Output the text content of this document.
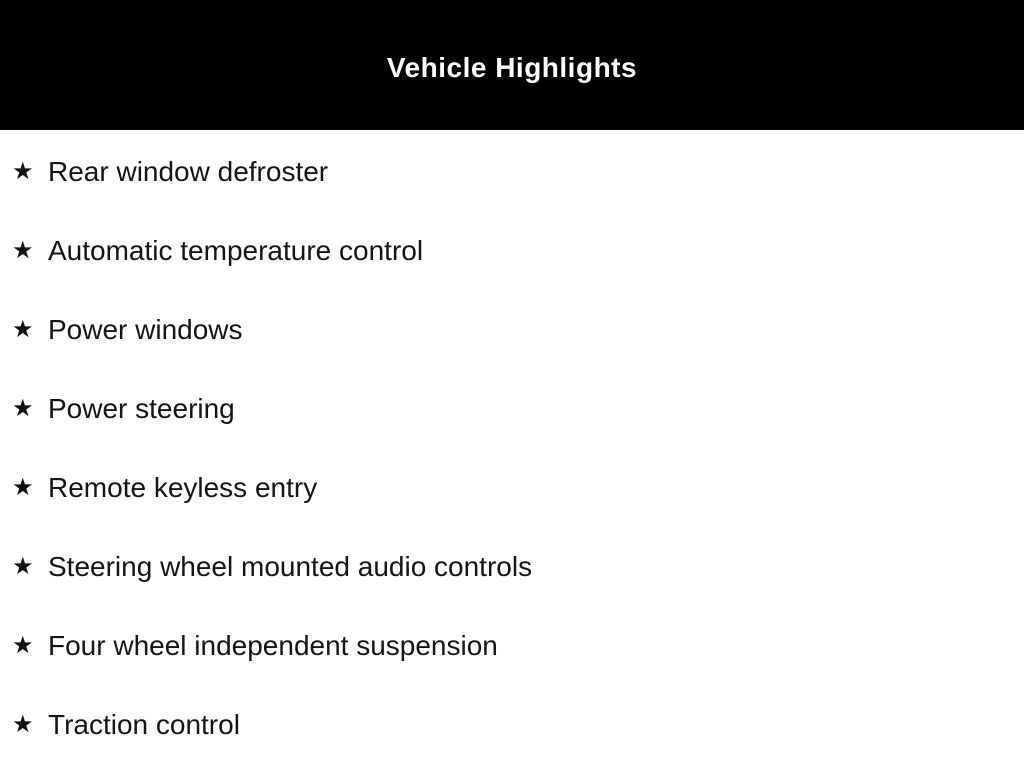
Vehicle Highlights
★ Rear window defroster
★ Automatic temperature control
★ Power windows
★ Power steering
★ Remote keyless entry
★ Steering wheel mounted audio controls
★ Four wheel independent suspension
★ Traction control
